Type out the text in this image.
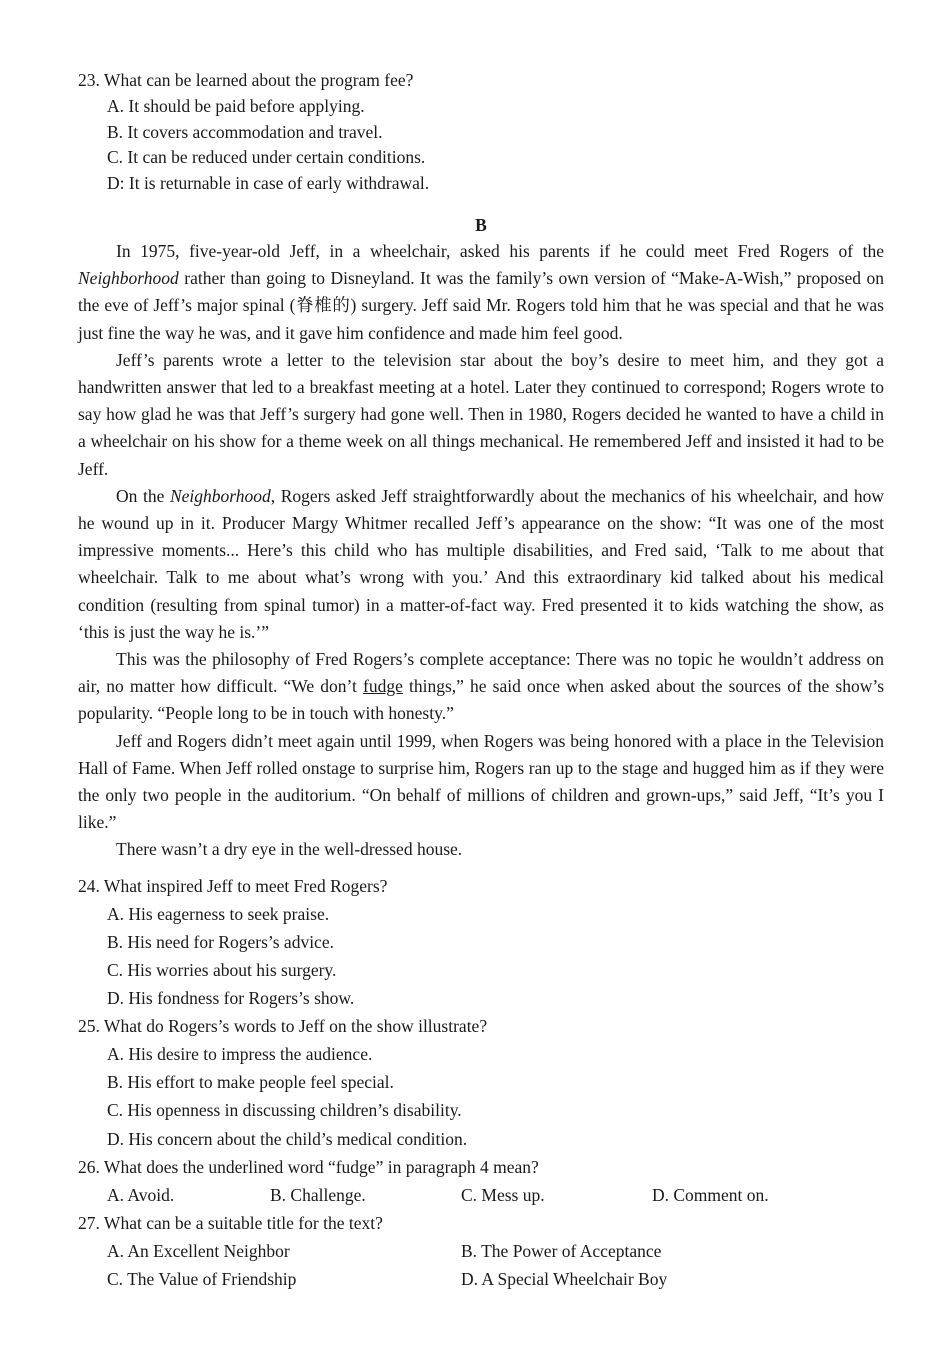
23. What can be learned about the program fee?

A. It should be paid before applying.

B. It covers accommodation and travel.

C. It can be reduced under certain conditions.

D: It is returnable in case of early withdrawal.

B

In 1975, five-year-old Jeff, in a wheelchair, asked his parents if he could meet Fred Rogers of the Neighborhood rather than going to Disneyland. It was the family’s own version of “Make-A-Wish,” proposed on the eve of Jeff’s major spinal (脊椎的) surgery. Jeff said Mr. Rogers told him that he was special and that he was just fine the way he was, and it gave him confidence and made him feel good.

Jeff’s parents wrote a letter to the television star about the boy’s desire to meet him, and they got a handwritten answer that led to a breakfast meeting at a hotel. Later they continued to correspond; Rogers wrote to say how glad he was that Jeff’s surgery had gone well. Then in 1980, Rogers decided he wanted to have a child in a wheelchair on his show for a theme week on all things mechanical. He remembered Jeff and insisted it had to be Jeff.

On the Neighborhood, Rogers asked Jeff straightforwardly about the mechanics of his wheelchair, and how he wound up in it. Producer Margy Whitmer recalled Jeff’s appearance on the show: “It was one of the most impressive moments... Here’s this child who has multiple disabilities, and Fred said, ‘Talk to me about that wheelchair. Talk to me about what’s wrong with you.’ And this extraordinary kid talked about his medical condition (resulting from spinal tumor) in a matter-of-fact way. Fred presented it to kids watching the show, as ‘this is just the way he is.’”

This was the philosophy of Fred Rogers’s complete acceptance: There was no topic he wouldn’t address on air, no matter how difficult. “We don’t fudge things,” he said once when asked about the sources of the show’s popularity. “People long to be in touch with honesty.”

Jeff and Rogers didn’t meet again until 1999, when Rogers was being honored with a place in the Television Hall of Fame. When Jeff rolled onstage to surprise him, Rogers ran up to the stage and hugged him as if they were the only two people in the auditorium. “On behalf of millions of children and grown-ups,” said Jeff, “It’s you I like.”

There wasn’t a dry eye in the well-dressed house.

24. What inspired Jeff to meet Fred Rogers?

A. His eagerness to seek praise.

B. His need for Rogers’s advice.

C. His worries about his surgery.

D. His fondness for Rogers’s show.

25. What do Rogers’s words to Jeff on the show illustrate?

A. His desire to impress the audience.

B. His effort to make people feel special.

C. His openness in discussing children’s disability.

D. His concern about the child’s medical condition.

26. What does the underlined word “fudge” in paragraph 4 mean?

A. Avoid.	B. Challenge.	C. Mess up.	D. Comment on.

27. What can be a suitable title for the text?

A. An Excellent Neighbor	B. The Power of Acceptance
C. The Value of Friendship	D. A Special Wheelchair Boy
